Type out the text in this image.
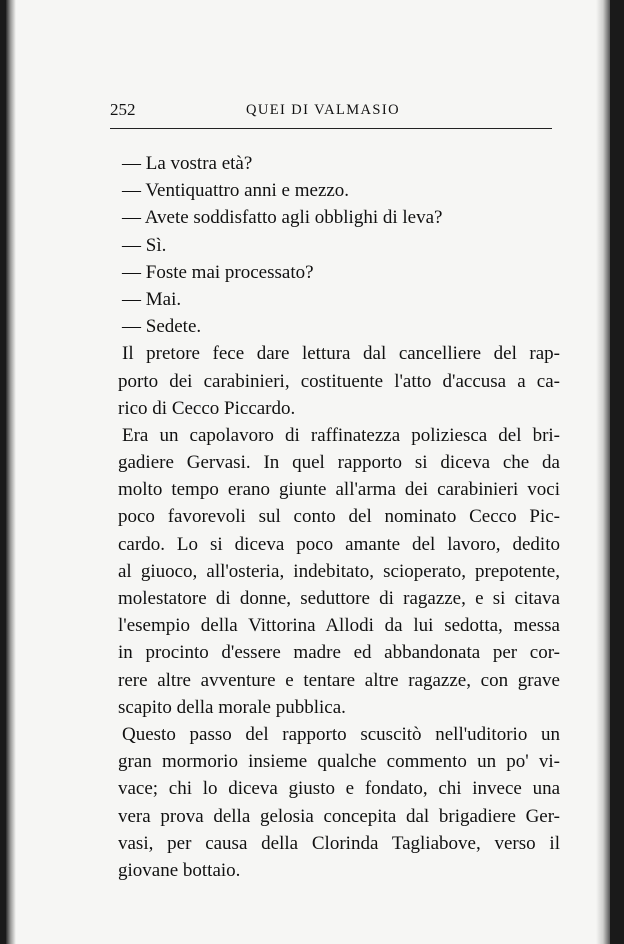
252	QUEI DI VALMASIO
— La vostra età?
— Ventiquattro anni e mezzo.
— Avete soddisfatto agli obblighi di leva?
— Sì.
— Foste mai processato?
— Mai.
— Sedete.
Il pretore fece dare lettura dal cancelliere del rap-
porto dei carabinieri, costituente l'atto d'accusa a ca-
rico di Cecco Piccardo.
Era un capolavoro di raffinatezza poliziesca del bri-
gadiere Gervasi. In quel rapporto si diceva che da
molto tempo erano giunte all'arma dei carabinieri voci
poco favorevoli sul conto del nominato Cecco Pic-
cardo. Lo si diceva poco amante del lavoro, dedito
al giuoco, all'osteria, indebitato, scioperato, prepotente,
molestatore di donne, seduttore di ragazze, e si citava
l'esempio della Vittorina Allodi da lui sedotta, messa
in procinto d'essere madre ed abbandonata per cor-
rere altre avventure e tentare altre ragazze, con grave
scapito della morale pubblica.
Questo passo del rapporto scuscitò nell'uditorio un
gran mormorio insieme qualche commento un po' vi-
vace; chi lo diceva giusto e fondato, chi invece una
vera prova della gelosia concepita dal brigadiere Ger-
vasi, per causa della Clorinda Tagliabove, verso il
giovane bottaio.
